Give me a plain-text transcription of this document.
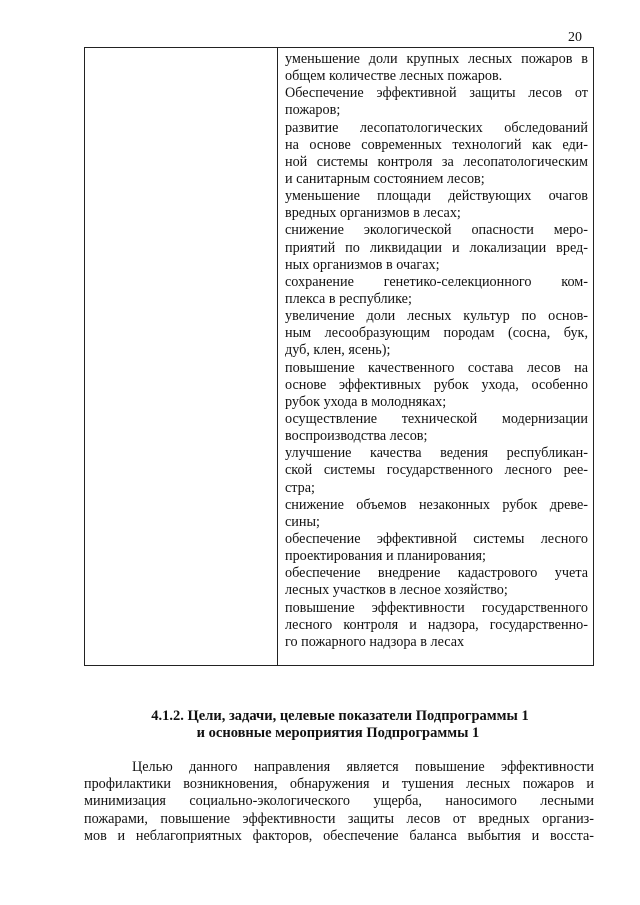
20
уменьшение доли крупных лесных пожаров в
общем количестве лесных пожаров.
Обеспечение эффективной защиты лесов от
пожаров;
развитие лесопатологических обследований
на основе современных технологий как еди-
ной системы контроля за лесопатологическим
и санитарным состоянием лесов;
уменьшение площади действующих очагов
вредных организмов в лесах;
снижение экологической опасности меро-
приятий по ликвидации и локализации вред-
ных организмов в очагах;
сохранение генетико-селекционного ком-
плекса в республике;
увеличение доли лесных культур по основ-
ным лесообразующим породам (сосна, бук,
дуб, клен, ясень);
повышение качественного состава лесов на
основе эффективных рубок ухода, особенно
рубок ухода в молодняках;
осуществление технической модернизации
воспроизводства лесов;
улучшение качества ведения республикан-
ской системы государственного лесного рее-
стра;
снижение объемов незаконных рубок древе-
сины;
обеспечение эффективной системы лесного
проектирования и планирования;
обеспечение внедрение кадастрового учета
лесных участков в лесное хозяйство;
повышение эффективности государственного
лесного контроля и надзора, государственно-
го пожарного надзора в лесах
4.1.2. Цели, задачи, целевые показатели Подпрограммы 1
и основные мероприятия Подпрограммы 1
Целью данного направления является повышение эффективности
профилактики возникновения, обнаружения и тушения лесных пожаров и
минимизация социально-экологического ущерба, наносимого лесными
пожарами, повышение эффективности защиты лесов от вредных организ-
мов и неблагоприятных факторов, обеспечение баланса выбытия и восста-
